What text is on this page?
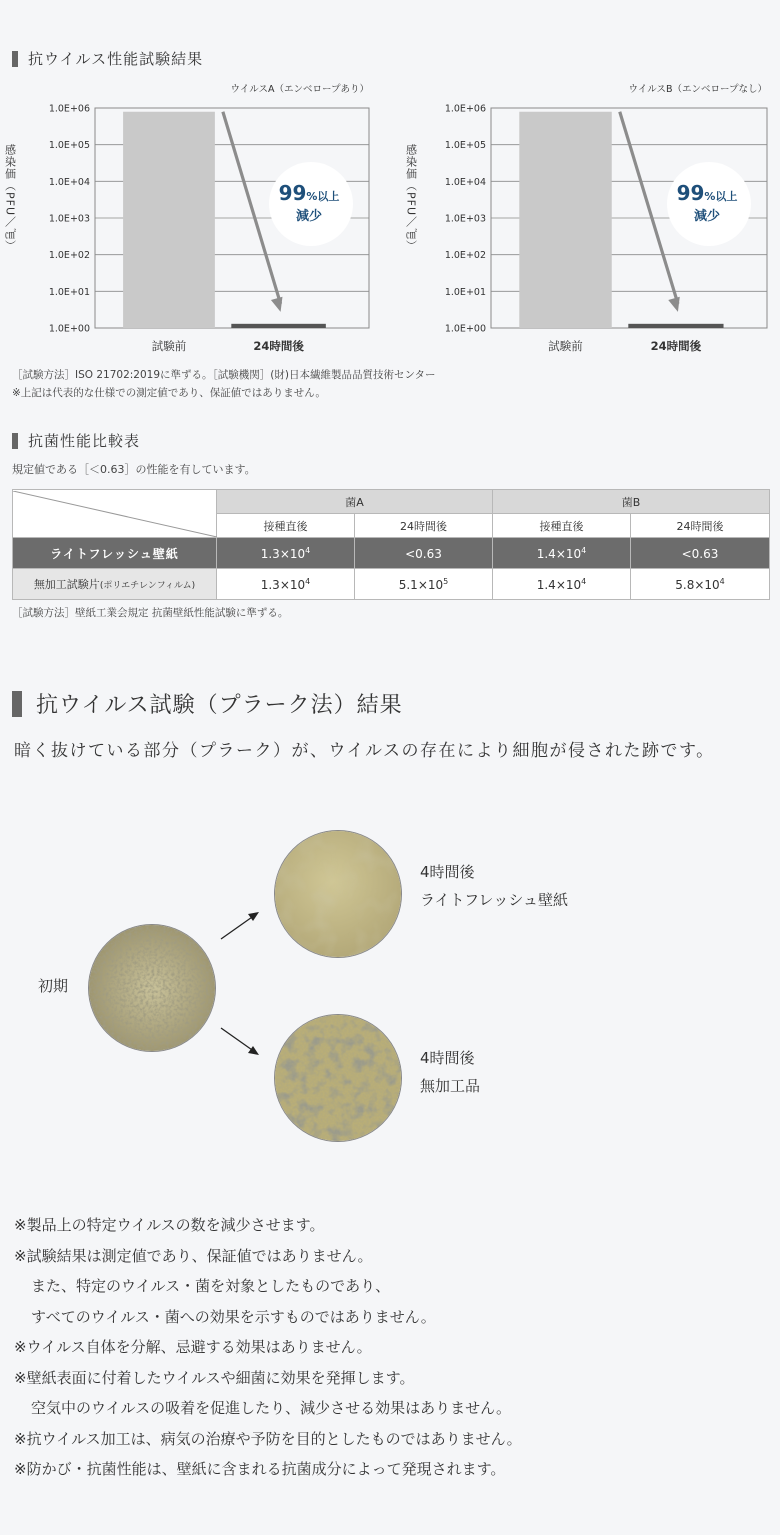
抗ウイルス性能試験結果
ウイルスA（エンベロープあり）
感染価（PFU／㎠）
1.0E+00
1.0E+01
1.0E+02
1.0E+03
1.0E+04
1.0E+05
1.0E+06
試験前	24時間後
99%以上
減少
ウイルスB（エンベロープなし）
感染価（PFU／㎠）
1.0E+00
1.0E+01
1.0E+02
1.0E+03
1.0E+04
1.0E+05
1.0E+06
試験前	24時間後
99%以上
減少
［試験方法］ISO 21702:2019に準ずる。［試験機関］(財)日本繊維製品品質技術センター
※上記は代表的な仕様での測定値であり、保証値ではありません。
抗菌性能比較表
規定値である［＜0.63］の性能を有しています。
	菌A		菌B	
	接種直後	24時間後	接種直後	24時間後
ライトフレッシュ壁紙	$1.3\times 10^4$	<0.63	$1.4\times 10^4$	<0.63
無加工試験片(ポリエチレンフィルム)	$1.3\times 10^4$	$5.1\times 10^5$	$1.4\times 10^4$	$5.8\times 10^4$
［試験方法］壁紙工業会規定 抗菌壁紙性能試験に準ずる。
抗ウイルス試験（プラーク法）結果
暗く抜けている部分（プラーク）が、ウイルスの存在により細胞が侵された跡です。
初期
4時間後
ライトフレッシュ壁紙
4時間後
無加工品
※製品上の特定ウイルスの数を減少させます。
※試験結果は測定値であり、保証値ではありません。
また、特定のウイルス・菌を対象としたものであり、
すべてのウイルス・菌への効果を示すものではありません。
※ウイルス自体を分解、忌避する効果はありません。
※壁紙表面に付着したウイルスや細菌に効果を発揮します。
空気中のウイルスの吸着を促進したり、減少させる効果はありません。
※抗ウイルス加工は、病気の治療や予防を目的としたものではありません。
※防かび・抗菌性能は、壁紙に含まれる抗菌成分によって発現されます。
